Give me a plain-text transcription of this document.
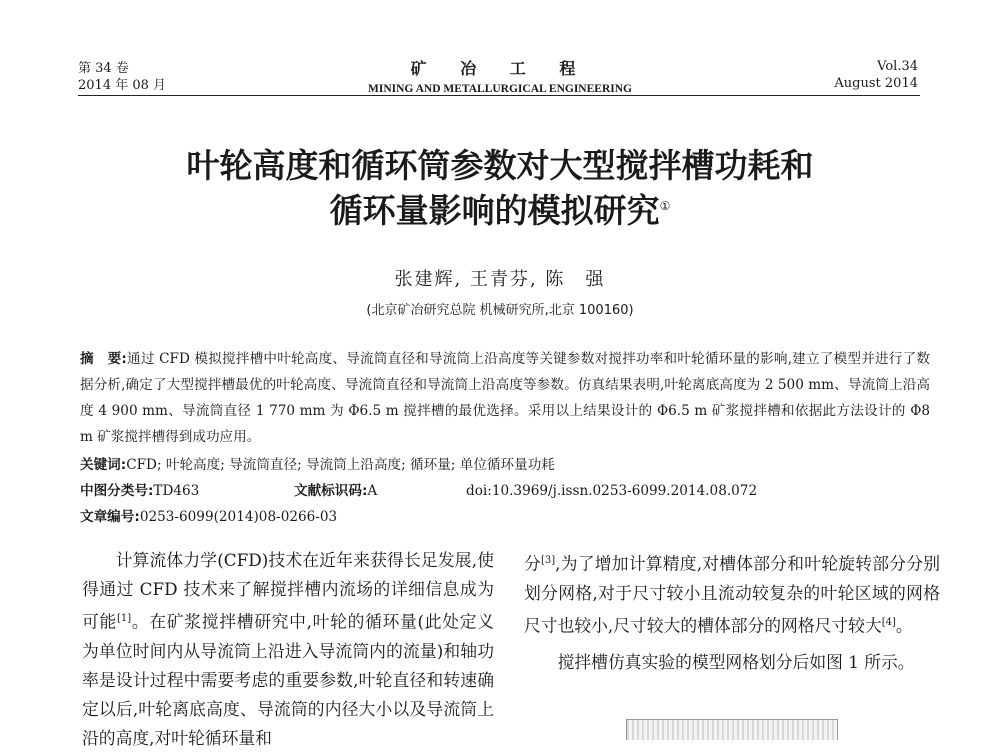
第 34 卷
2014 年 08 月
矿 冶 工 程
MINING AND METALLURGICAL ENGINEERING
Vol.34
August 2014
叶轮高度和循环筒参数对大型搅拌槽功耗和
循环量影响的模拟研究①
张建辉, 王青芬, 陈　强
(北京矿冶研究总院 机械研究所,北京 100160)
摘　要:通过 CFD 模拟搅拌槽中叶轮高度、导流筒直径和导流筒上沿高度等关键参数对搅拌功率和叶轮循环量的影响,建立了模型并进行了数据分析,确定了大型搅拌槽最优的叶轮高度、导流筒直径和导流筒上沿高度等参数。仿真结果表明,叶轮离底高度为 2 500 mm、导流筒上沿高度 4 900 mm、导流筒直径 1 770 mm 为 Φ6.5 m 搅拌槽的最优选择。采用以上结果设计的 Φ6.5 m 矿浆搅拌槽和依据此方法设计的 Φ8 m 矿浆搅拌槽得到成功应用。
关键词:CFD; 叶轮高度; 导流筒直径; 导流筒上沿高度; 循环量; 单位循环量功耗
中图分类号:TD463	文献标识码:A	doi:10.3969/j.issn.0253-6099.2014.08.072
文章编号:0253-6099(2014)08-0266-03

计算流体力学(CFD)技术在近年来获得长足发展,使得通过 CFD 技术来了解搅拌槽内流场的详细信息成为可能[1]。在矿浆搅拌槽研究中,叶轮的循环量(此处定义为单位时间内从导流筒上沿进入导流筒内的流量)和轴功率是设计过程中需要考虑的重要参数,叶轮直径和转速确定以后,叶轮离底高度、导流筒的内径大小以及导流筒上沿的高度,对叶轮循环量和

分[3],为了增加计算精度,对槽体部分和叶轮旋转部分分别划分网格,对于尺寸较小且流动较复杂的叶轮区域的网格尺寸也较小,尺寸较大的槽体部分的网格尺寸较大[4]。

搅拌槽仿真实验的模型网格划分后如图 1 所示。
